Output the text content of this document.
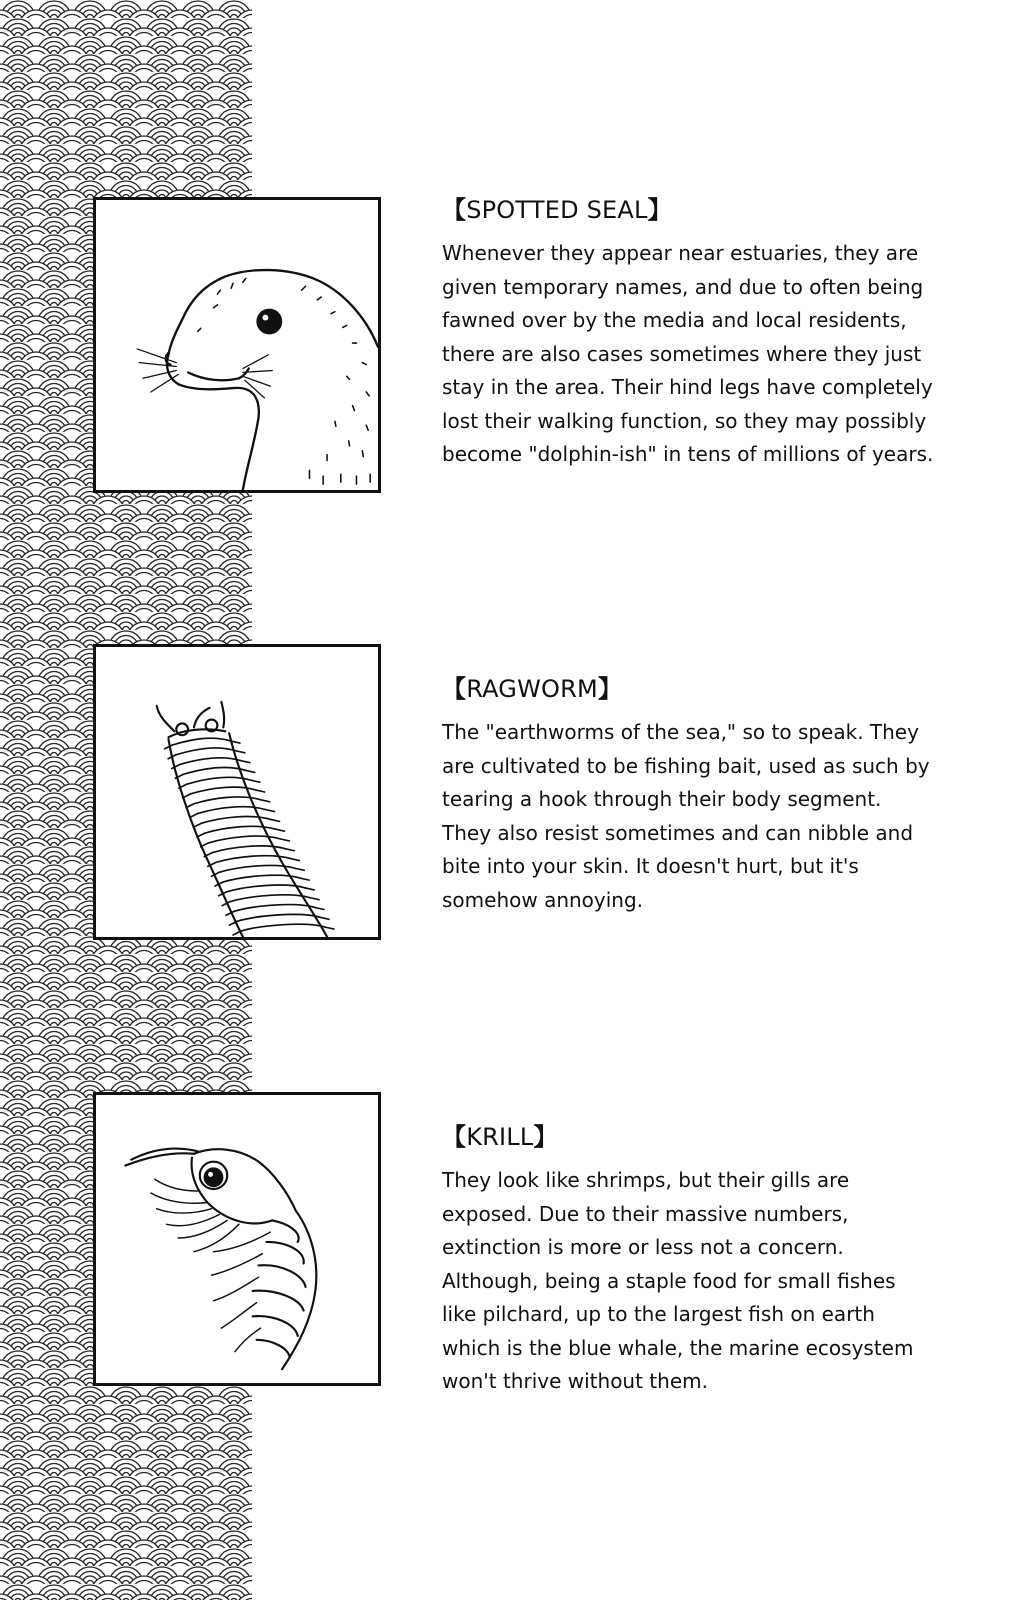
【SPOTTED SEAL】

Whenever they appear near estuaries, they are
given temporary names, and due to often being
fawned over by the media and local residents,
there are also cases sometimes where they just
stay in the area. Their hind legs have completely
lost their walking function, so they may possibly
become "dolphin-ish" in tens of millions of years.

【RAGWORM】

The "earthworms of the sea," so to speak. They
are cultivated to be fishing bait, used as such by
tearing a hook through their body segment.
They also resist sometimes and can nibble and
bite into your skin. It doesn't hurt, but it's
somehow annoying.

【KRILL】

They look like shrimps, but their gills are
exposed. Due to their massive numbers,
extinction is more or less not a concern.
Although, being a staple food for small fishes
like pilchard, up to the largest fish on earth
which is the blue whale, the marine ecosystem
won't thrive without them.
